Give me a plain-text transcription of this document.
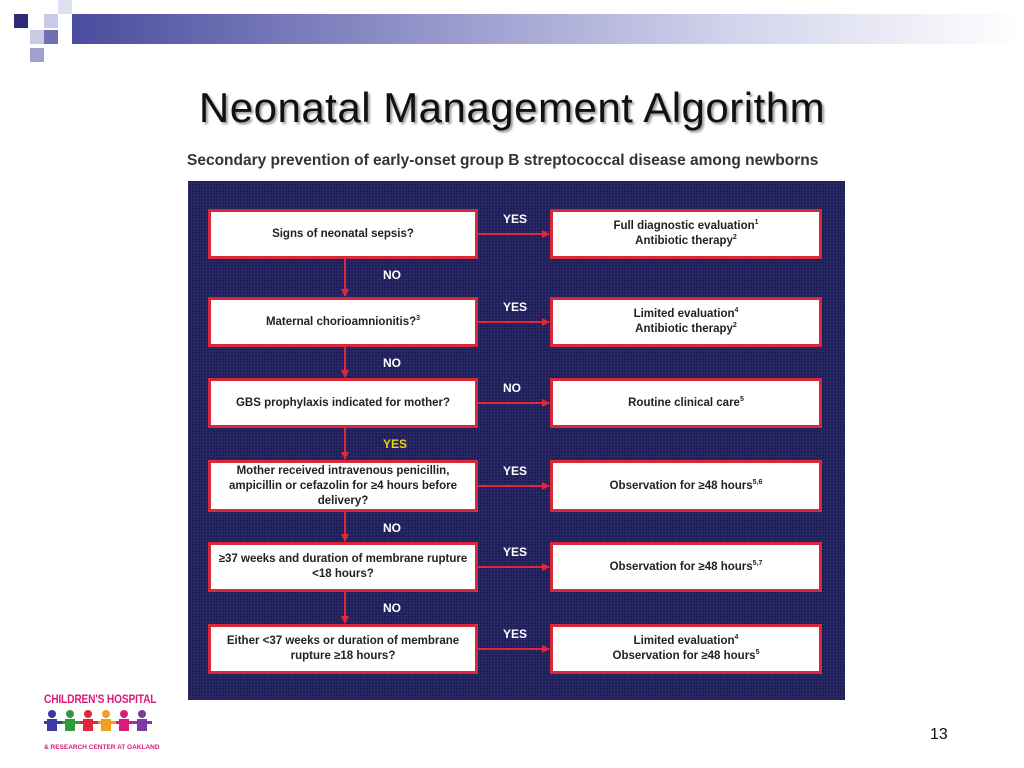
Neonatal Management Algorithm
Secondary prevention of early-onset group B streptococcal disease among newborns
Signs of neonatal sepsis?
Full diagnostic evaluation$^1$
Antibiotic therapy$^2$
YES
NO
Maternal chorioamnionitis?$^3$	Limited evaluation$^4$
Antibiotic therapy$^2$
YES
NO
GBS prophylaxis indicated for mother?	Routine clinical care$^5$
NO
YES
Mother received intravenous penicillin, ampicillin or cefazolin for ≥4 hours before delivery?
Observation for ≥48 hours$^{5,6}$
YES
NO
≥37 weeks and duration of membrane rupture <18 hours?
Observation for ≥48 hours$^{5,7}$
YES
NO
Either <37 weeks or duration of membrane rupture ≥18 hours?
Limited evaluation$^4$
Observation for ≥48 hours$^5$
YES
CHILDREN'S HOSPITAL
& RESEARCH CENTER AT OAKLAND
13
